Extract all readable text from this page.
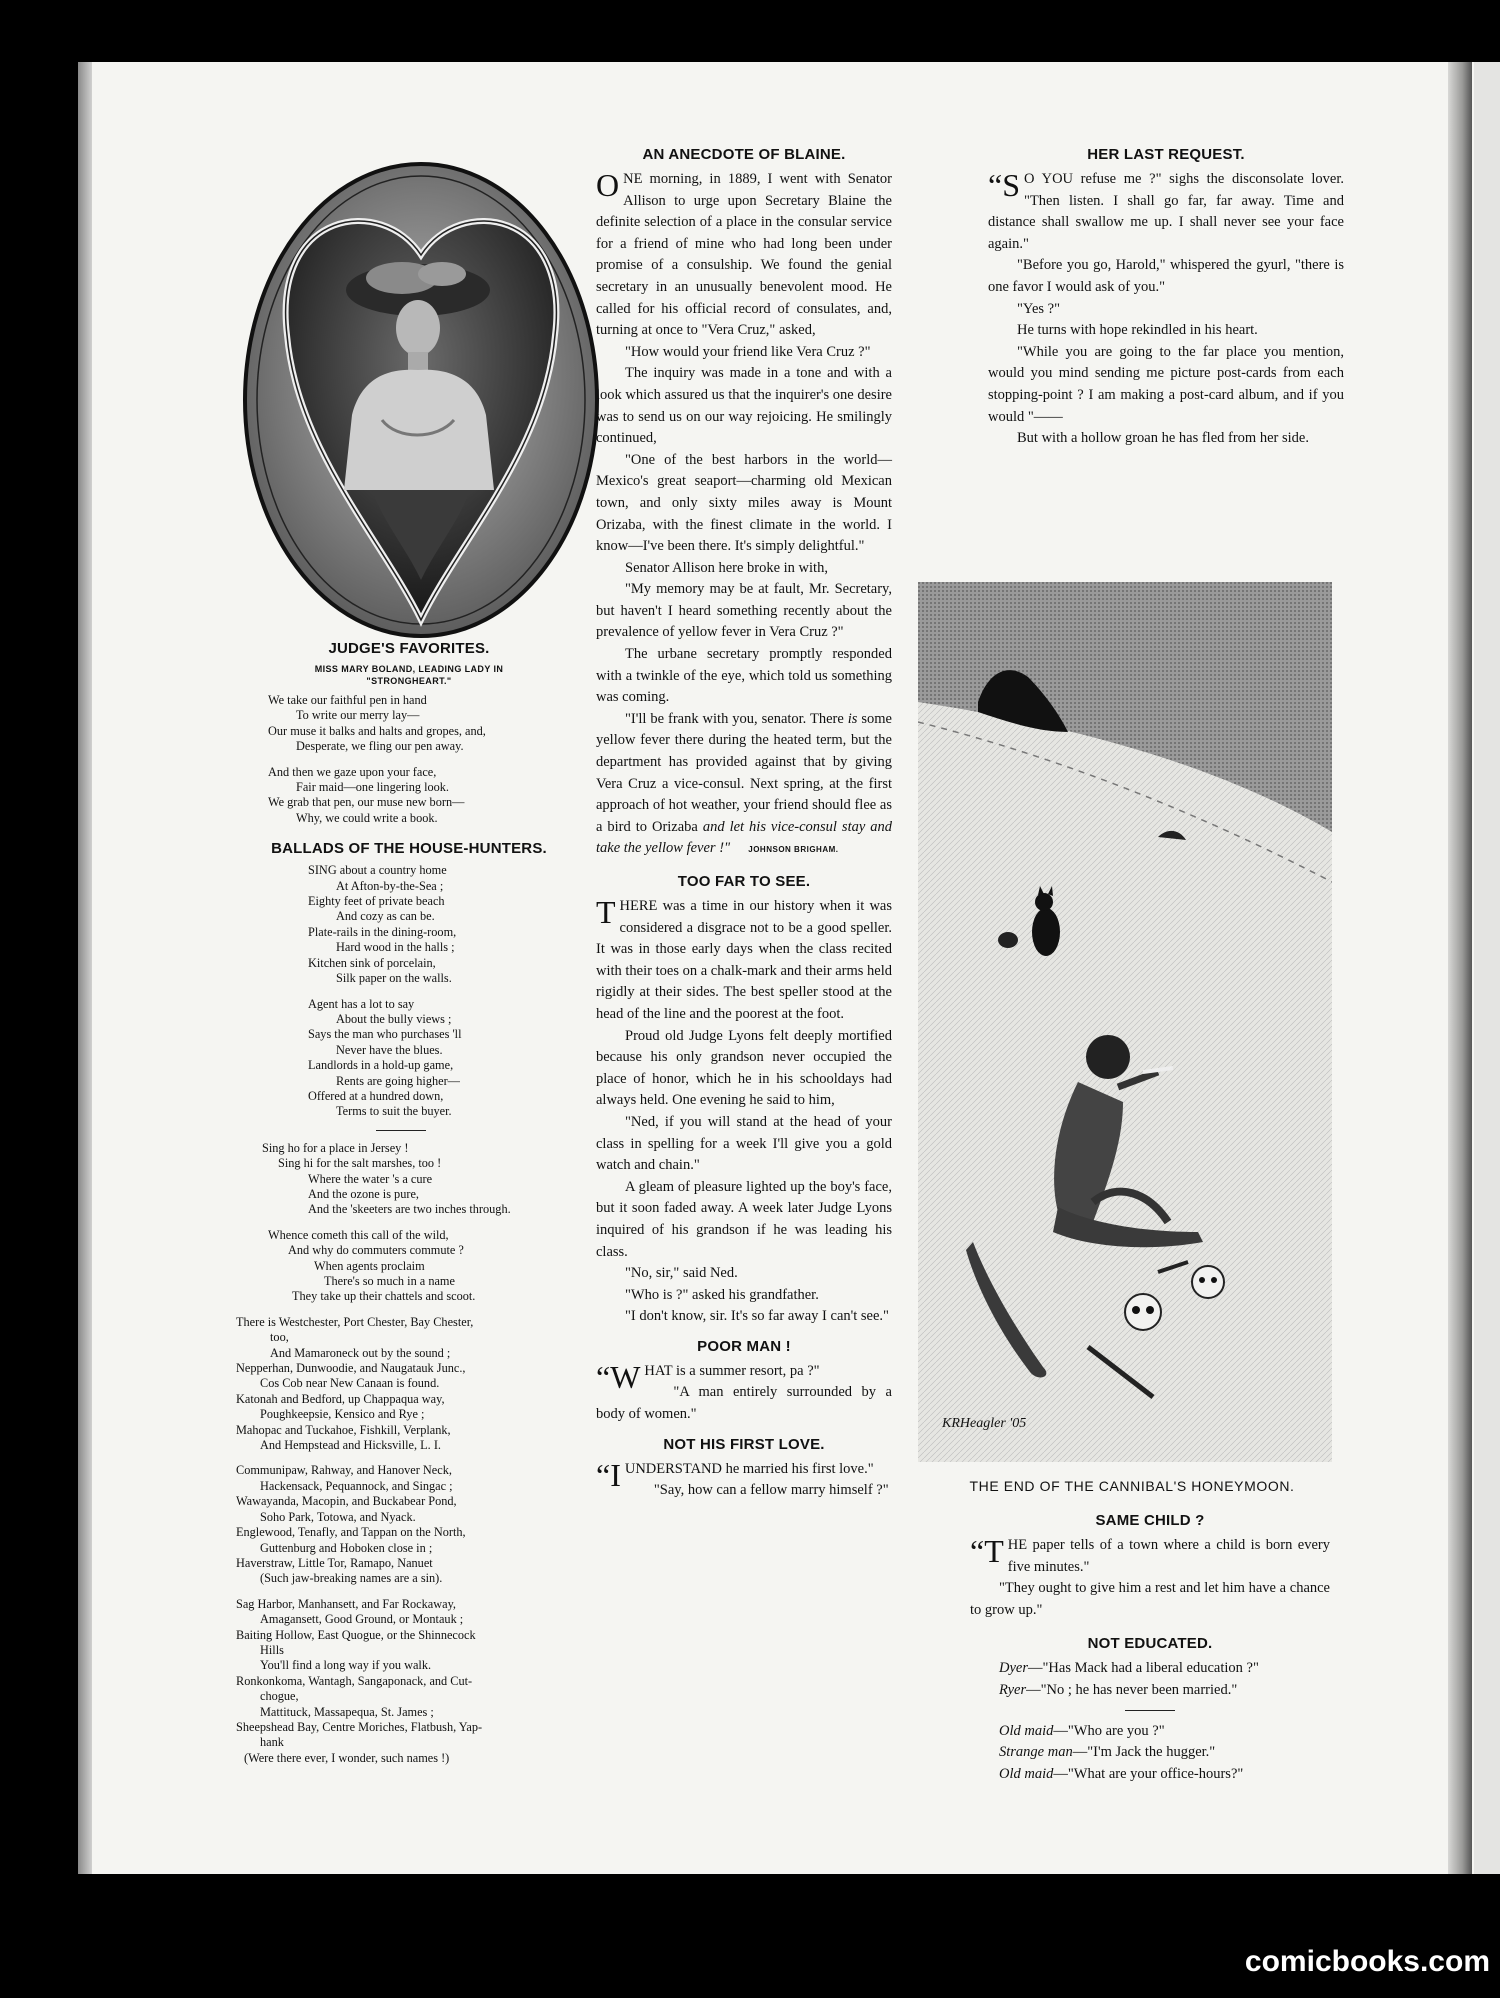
JUDGE'S FAVORITES.
MISS MARY BOLAND, LEADING LADY IN
"STRONGHEART."
We take our faithful pen in hand
To write our merry lay—
Our muse it balks and halts and gropes, and,
Desperate, we fling our pen away.
And then we gaze upon your face,
Fair maid—one lingering look.
We grab that pen, our muse new born—
Why, we could write a book.
BALLADS OF THE HOUSE-HUNTERS.
SING about a country home
At Afton-by-the-Sea ;
Eighty feet of private beach
And cozy as can be.
Plate-rails in the dining-room,
Hard wood in the halls ;
Kitchen sink of porcelain,
Silk paper on the walls.
Agent has a lot to say
About the bully views ;
Says the man who purchases 'll
Never have the blues.
Landlords in a hold-up game,
Rents are going higher—
Offered at a hundred down,
Terms to suit the buyer.
Sing ho for a place in Jersey !
Sing hi for the salt marshes, too !
Where the water 's a cure
And the ozone is pure,
And the 'skeeters are two inches through.
Whence cometh this call of the wild,
And why do commuters commute ?
When agents proclaim
There's so much in a name
They take up their chattels and scoot.
There is Westchester, Port Chester, Bay Chester,
too,
And Mamaroneck out by the sound ;
Nepperhan, Dunwoodie, and Naugatauk Junc.,
Cos Cob near New Canaan is found.
Katonah and Bedford, up Chappaqua way,
Poughkeepsie, Kensico and Rye ;
Mahopac and Tuckahoe, Fishkill, Verplank,
And Hempstead and Hicksville, L. I.
Communipaw, Rahway, and Hanover Neck,
Hackensack, Pequannock, and Singac ;
Wawayanda, Macopin, and Buckabear Pond,
Soho Park, Totowa, and Nyack.
Englewood, Tenafly, and Tappan on the North,
Guttenburg and Hoboken close in ;
Haverstraw, Little Tor, Ramapo, Nanuet
(Such jaw-breaking names are a sin).
Sag Harbor, Manhansett, and Far Rockaway,
Amagansett, Good Ground, or Montauk ;
Baiting Hollow, East Quogue, or the Shinnecock
Hills
You'll find a long way if you walk.
Ronkonkoma, Wantagh, Sangaponack, and Cut-
chogue,
Mattituck, Massapequa, St. James ;
Sheepshead Bay, Centre Moriches, Flatbush, Yap-
hank
(Were there ever, I wonder, such names !)
AN ANECDOTE OF BLAINE.

ONE morning, in 1889, I went with Senator Allison to urge upon Secretary Blaine the definite selection of a place in the consular service for a friend of mine who had long been under promise of a consulship. We found the genial secretary in an unusually benevolent mood. He called for his official record of consulates, and, turning at once to "Vera Cruz," asked,

"How would your friend like Vera Cruz ?"

The inquiry was made in a tone and with a look which assured us that the inquirer's one desire was to send us on our way rejoicing. He smilingly continued,

"One of the best harbors in the world—Mexico's great seaport—charming old Mexican town, and only sixty miles away is Mount Orizaba, with the finest climate in the world. I know—I've been there. It's simply delightful."

Senator Allison here broke in with,

"My memory may be at fault, Mr. Secretary, but haven't I heard something recently about the prevalence of yellow fever in Vera Cruz ?"

The urbane secretary promptly responded with a twinkle of the eye, which told us something was coming.

"I'll be frank with you, senator. There is some yellow fever there during the heated term, but the department has provided against that by giving Vera Cruz a vice-consul. Next spring, at the first approach of hot weather, your friend should flee as a bird to Orizaba and let his vice-consul stay and take the yellow fever !" JOHNSON BRIGHAM.

TOO FAR TO SEE.

THERE was a time in our history when it was considered a disgrace not to be a good speller. It was in those early days when the class recited with their toes on a chalk-mark and their arms held rigidly at their sides. The best speller stood at the head of the line and the poorest at the foot.

Proud old Judge Lyons felt deeply mortified because his only grandson never occupied the place of honor, which he in his schooldays had always held. One evening he said to him,

"Ned, if you will stand at the head of your class in spelling for a week I'll give you a gold watch and chain."

A gleam of pleasure lighted up the boy's face, but it soon faded away. A week later Judge Lyons inquired of his grandson if he was leading his class.

"No, sir," said Ned.

"Who is ?" asked his grandfather.

"I don't know, sir. It's so far away I can't see."

POOR MAN !

“WHAT is a summer resort, pa ?"

"A man entirely surrounded by a body of women."

NOT HIS FIRST LOVE.

“IUNDERSTAND he married his first love."

"Say, how can a fellow marry himself ?"

HER LAST REQUEST.

“S O YOU refuse me ?" sighs the disconsolate lover. "Then listen. I shall go far, far away. Time and distance shall swallow me up. I shall never see your face again."

"Before you go, Harold," whispered the gyurl, "there is one favor I would ask of you."

"Yes ?"

He turns with hope rekindled in his heart.

"While you are going to the far place you mention, would you mind sending me picture post-cards from each stopping-point ? I am making a post-card album, and if you would "——

But with a hollow groan he has fled from her side.

KRHeagler '05
THE END OF THE CANNIBAL'S HONEYMOON.
SAME CHILD ?

“THE paper tells of a town where a child is born every five minutes."

"They ought to give him a rest and let him have a chance to grow up."

NOT EDUCATED.

Dyer—"Has Mack had a liberal education ?"

Ryer—"No ; he has never been married."

Old maid—"Who are you ?"

Strange man—"I'm Jack the hugger."

Old maid—"What are your office-hours?"

comicbooks.com
